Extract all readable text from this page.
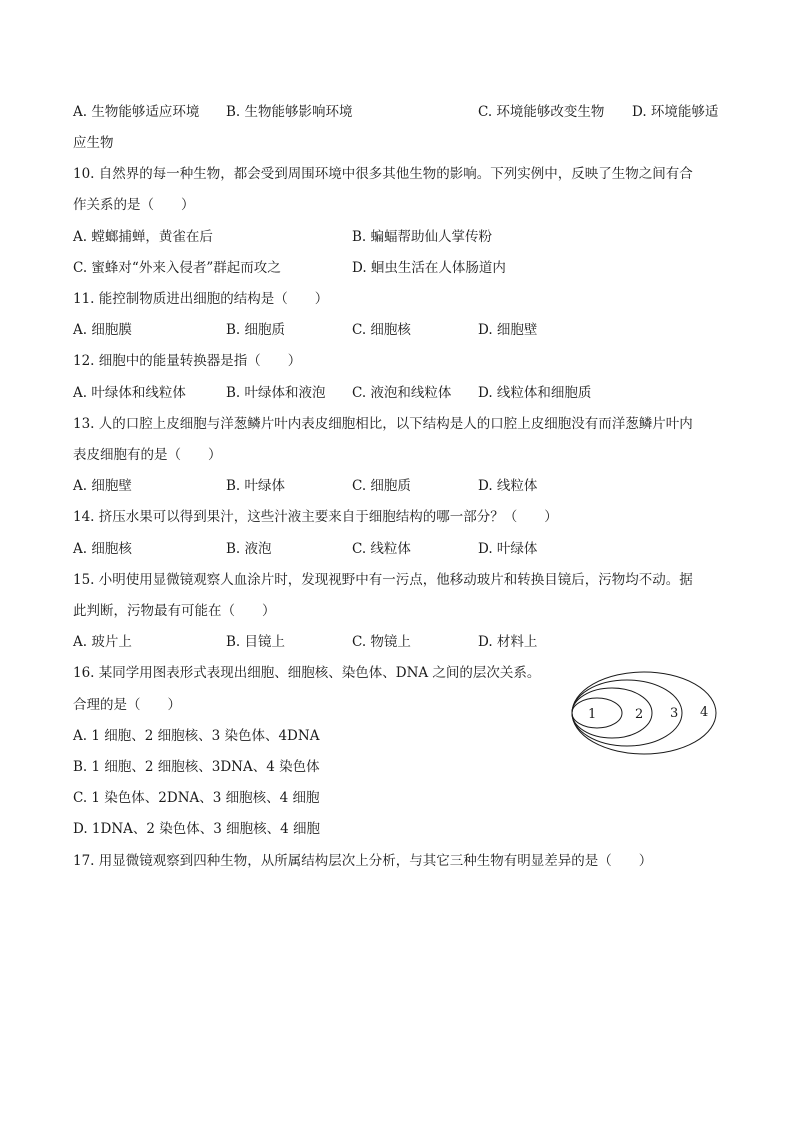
A. 生物能够适应环境 B. 生物能够影响环境	C. 环境能够改变生物 D. 环境能够适
应生物
10. 自然界的每一种生物，都会受到周围环境中很多其他生物的影响。下列实例中，反映了生物之间有合
作关系的是（　　）
A. 螳螂捕蝉，黄雀在后	B. 蝙蝠帮助仙人掌传粉
C. 蜜蜂对“外来入侵者”群起而攻之	D. 蛔虫生活在人体肠道内
11. 能控制物质进出细胞的结构是（　　）
A. 细胞膜	B. 细胞质	C. 细胞核	D. 细胞壁
12. 细胞中的能量转换器是指（　　）
A. 叶绿体和线粒体	B. 叶绿体和液泡 C. 液泡和线粒体 D. 线粒体和细胞质
13. 人的口腔上皮细胞与洋葱鳞片叶内表皮细胞相比，以下结构是人的口腔上皮细胞没有而洋葱鳞片叶内
表皮细胞有的是（　　）
A. 细胞壁	B. 叶绿体	C. 细胞质	D. 线粒体
14. 挤压水果可以得到果汁，这些汁液主要来自于细胞结构的哪一部分？（　　）
A. 细胞核	B. 液泡	C. 线粒体	D. 叶绿体
15. 小明使用显微镜观察人血涂片时，发现视野中有一污点，他移动玻片和转换目镜后，污物均不动。据
此判断，污物最有可能在（　　）
A. 玻片上	B. 目镜上	C. 物镜上	D. 材料上
16. 某同学用图表形式表现出细胞、细胞核、染色体、DNA 之间的层次关系。
合理的是（　　）
A. 1 细胞、2 细胞核、3 染色体、4DNA
B. 1 细胞、2 细胞核、3DNA、4 染色体
C. 1 染色体、2DNA、3 细胞核、4 细胞
D. 1DNA、2 染色体、3 细胞核、4 细胞
1	2 3 4
17. 用显微镜观察到四种生物，从所属结构层次上分析，与其它三种生物有明显差异的是（　　）
